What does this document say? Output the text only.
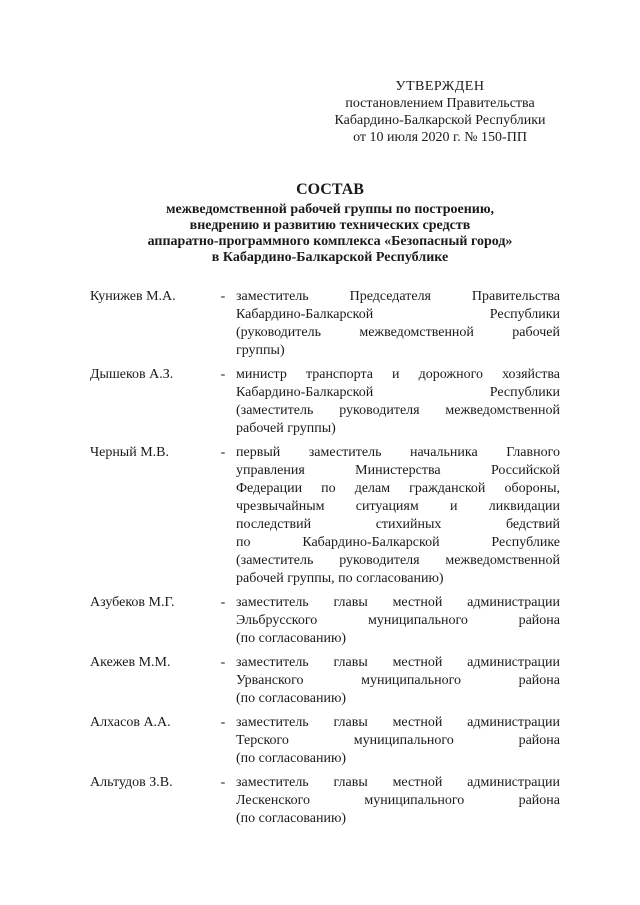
УТВЕРЖДЕН
постановлением Правительства
Кабардино-Балкарской Республики
от 10 июля 2020 г. № 150-ПП
СОСТАВ
межведомственной рабочей группы по построению,
внедрению и развитию технических средств
аппаратно-программного комплекса «Безопасный город»
в Кабардино-Балкарской Республике
Кунижев М.А.	- заместитель Председателя Правительства
Кабардино-Балкарской Республики
(руководитель межведомственной рабочей
группы)
Дышеков А.З.	- министр транспорта и дорожного хозяйства
Кабардино-Балкарской Республики
(заместитель руководителя межведомственной
рабочей группы)
Черный М.В.	- первый заместитель начальника Главного
управления Министерства Российской
Федерации по делам гражданской обороны,
чрезвычайным ситуациям и ликвидации
последствий стихийных бедствий
по Кабардино-Балкарской Республике
(заместитель руководителя межведомственной
рабочей группы, по согласованию)
Азубеков М.Г.	- заместитель главы местной администрации
Эльбрусского муниципального района
(по согласованию)
Акежев М.М.	- заместитель главы местной администрации
Урванского муниципального района
(по согласованию)
Алхасов А.А.	- заместитель главы местной администрации
Терского муниципального района
(по согласованию)
Альтудов З.В.	- заместитель главы местной администрации
Лескенского муниципального района
(по согласованию)
